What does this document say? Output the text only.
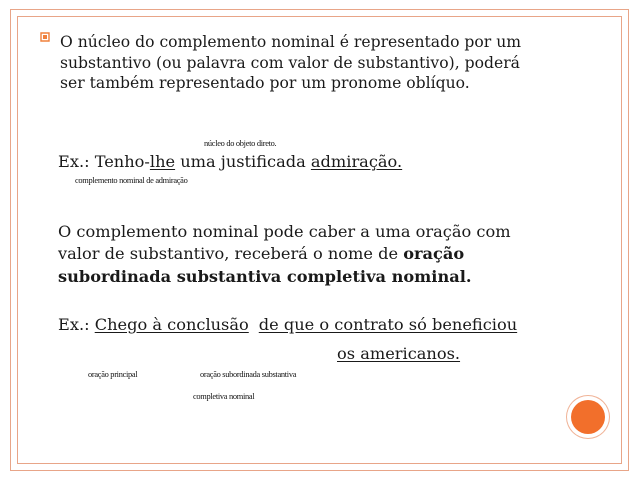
O núcleo do complemento nominal é representado por um
substantivo (ou palavra com valor de substantivo), poderá
ser também representado por um pronome oblíquo.
núcleo do objeto direto.
Ex.: Tenho-lhe uma justificada admiração.
complemento nominal de admiração
O complemento nominal pode caber a uma oração com
valor de substantivo, receberá o nome de oração
subordinada substantiva completiva nominal.
Ex.: Chego à conclusão de que o contrato só beneficiou
os americanos.
oração principal	oração subordinada substantiva
completiva nominal
